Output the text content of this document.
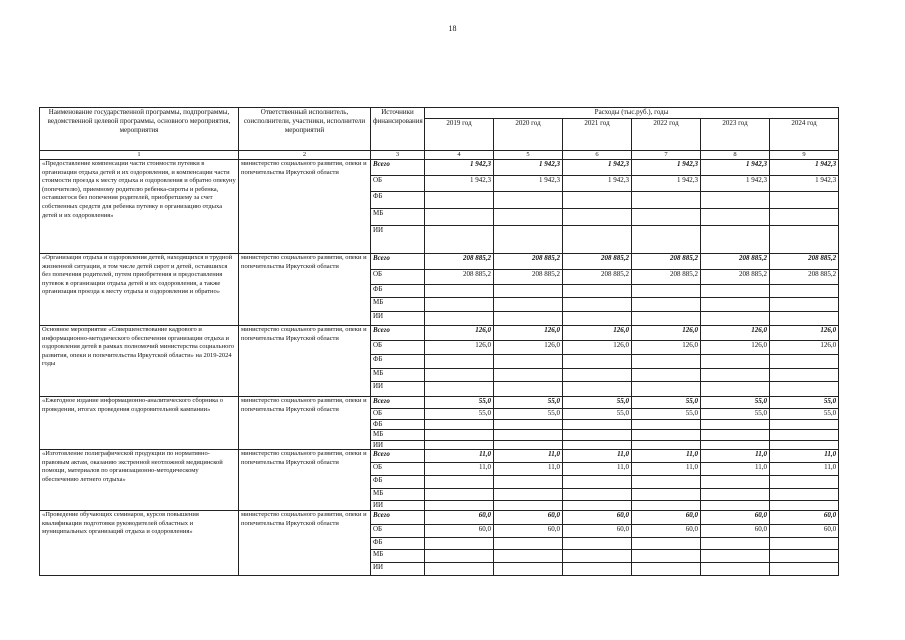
18
Наименование государственной программы, подпрограммы, ведомственной целевой программы, основного мероприятия, мероприятия	Ответственный исполнитель, соисполнители, участники, исполнители мероприятий	Источники финансирования	Расходы (тыс.руб.), годы					
			2019 год	2020 год	2021 год	2022 год	2023 год	2024 год
1	2	3	4	5	6	7	8	9
«Предоставление компенсации части стоимости путевки в организации отдыха детей и их оздоровления, и компенсации части стоимости проезда к месту отдыха и оздоровления и обратно опекуну (попечителю), приемному родителю ребенка-сироты и ребенка, оставшегося без попечения родителей, приобретшему за счет собственных средств для ребенка путевку в организацию отдыха детей и их оздоровления»	министерство социального развития, опеки и попечительства Иркутской области	Всего	1 942,3	1 942,3	1 942,3	1 942,3	1 942,3	1 942,3
		ОБ	1 942,3	1 942,3	1 942,3	1 942,3	1 942,3	1 942,3
		ФБ						
		МБ						
		ИИ						
«Организация отдыха и оздоровления детей, находящихся в трудной жизненной ситуации, в том числе детей сирот и детей, оставшихся без попечения родителей, путем приобретения и предоставления путевок в организации отдыха детей и их оздоровления, а также организация проезда к месту отдыха и оздоровления и обратно»	министерство социального развития, опеки и попечительства Иркутской области	Всего	208 885,2	208 885,2	208 885,2	208 885,2	208 885,2	208 885,2
		ОБ	208 885,2	208 885,2	208 885,2	208 885,2	208 885,2	208 885,2
		ФБ						
		МБ						
		ИИ						
Основное мероприятие «Совершенствование кадрового и информационно-методического обеспечения организации отдыха и оздоровления детей в рамках полномочий министерства социального развития, опеки и попечительства Иркутской области» на 2019-2024 годы	министерство социального развития, опеки и попечительства Иркутской области	Всего	126,0	126,0	126,0	126,0	126,0	126,0
		ОБ	126,0	126,0	126,0	126,0	126,0	126,0
		ФБ						
		МБ						
		ИИ						
«Ежегодное издание информационно-аналитического сборника о проведении, итогах проведения оздоровительной кампании»	министерство социального развития, опеки и попечительства Иркутской области	Всего	55,0	55,0	55,0	55,0	55,0	55,0
		ОБ	55,0	55,0	55,0	55,0	55,0	55,0
		ФБ						
		МБ						
		ИИ						
«Изготовление полиграфической продукции по нормативно-правовым актам, оказанию экстренной неотложной медицинской помощи, материалов по организационно-методическому обеспечению летнего отдыха»	министерство социального развития, опеки и попечительства Иркутской области	Всего	11,0	11,0	11,0	11,0	11,0	11,0
		ОБ	11,0	11,0	11,0	11,0	11,0	11,0
		ФБ						
		МБ						
		ИИ						
«Проведение обучающих семинаров, курсов повышения квалификации подготовки руководителей областных и муниципальных организаций отдыха и оздоровления»	министерство социального развития, опеки и попечительства Иркутской области	Всего	60,0	60,0	60,0	60,0	60,0	60,0
		ОБ	60,0	60,0	60,0	60,0	60,0	60,0
		ФБ						
		МБ						
		ИИ						
